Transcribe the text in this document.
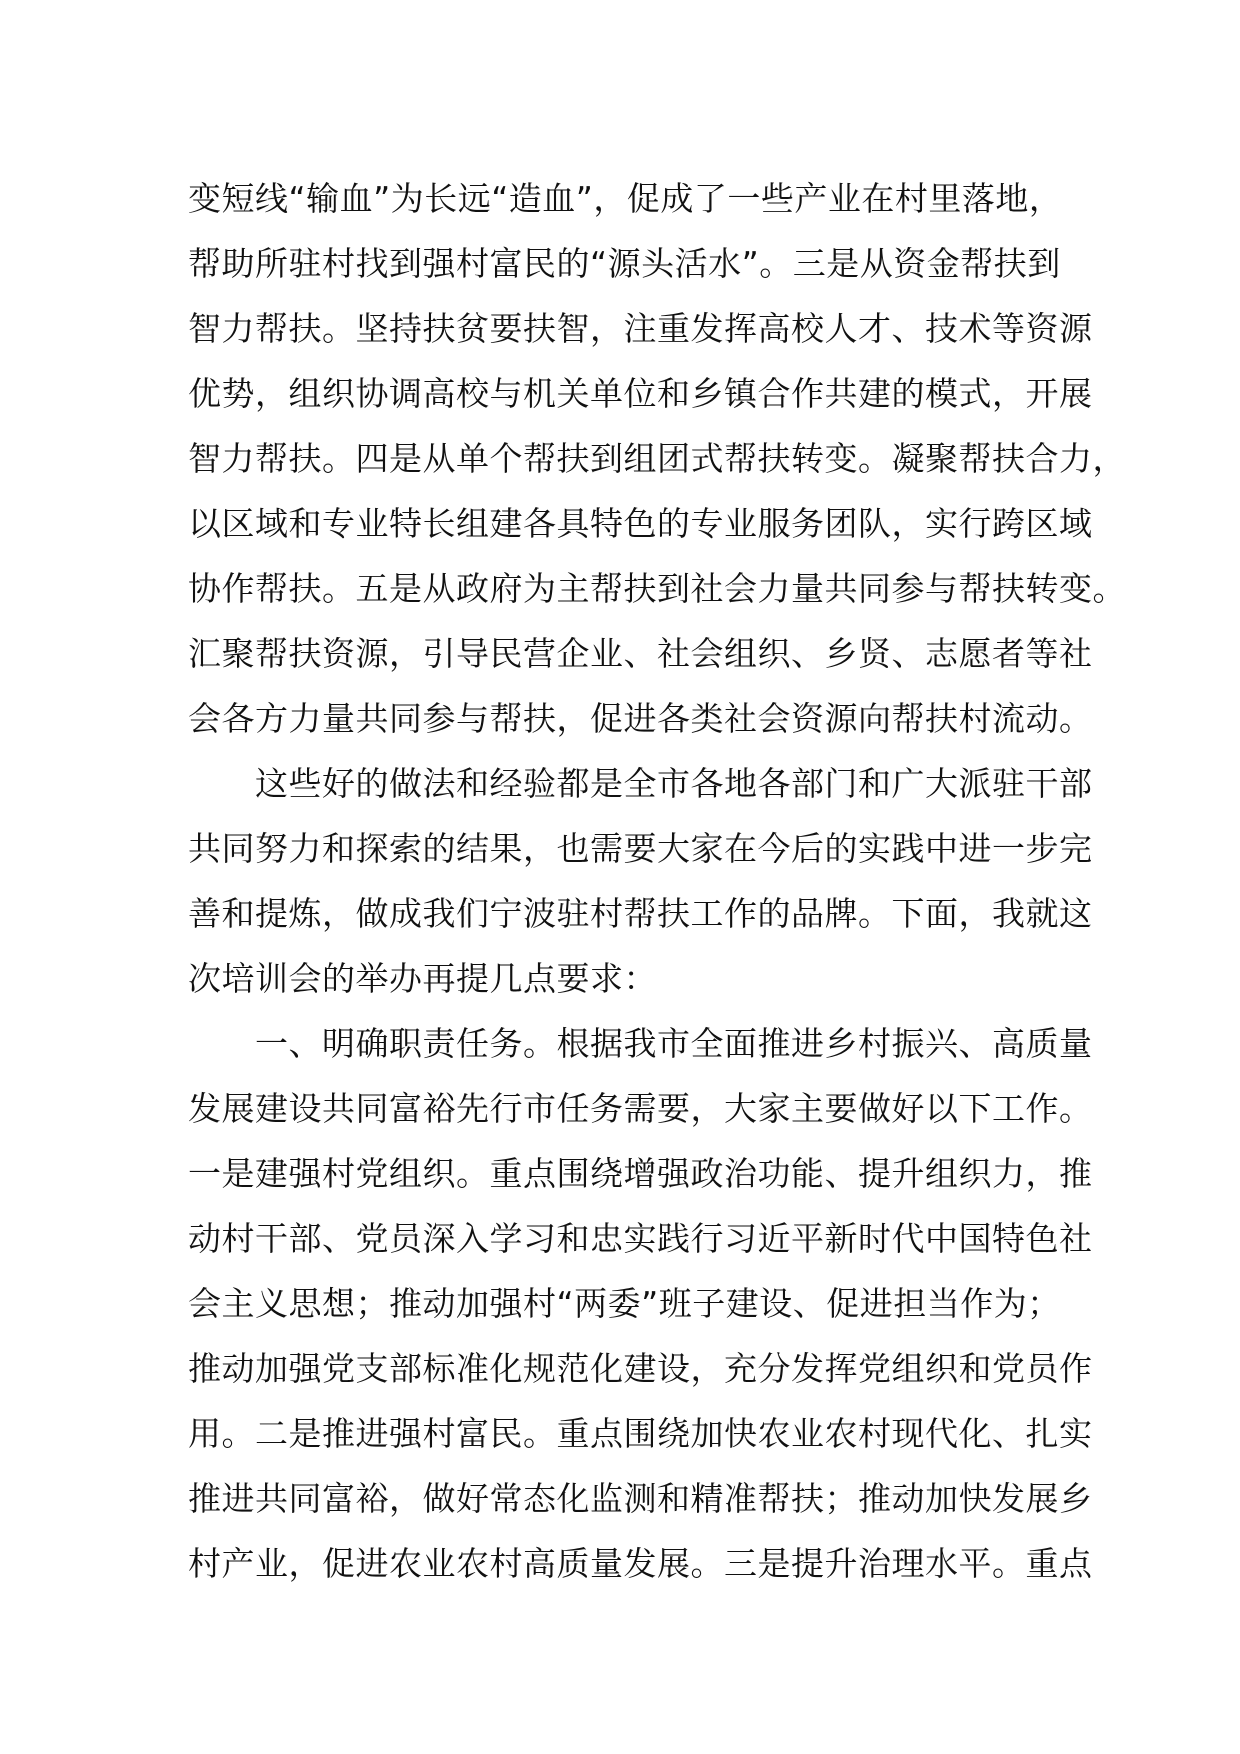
变短线“输血”为长远“造血”，促成了一些产业在村里落地，
帮助所驻村找到强村富民的“源头活水”。三是从资金帮扶到
智力帮扶。坚持扶贫要扶智，注重发挥高校人才、技术等资源
优势，组织协调高校与机关单位和乡镇合作共建的模式，开展
智力帮扶。四是从单个帮扶到组团式帮扶转变。凝聚帮扶合力，
以区域和专业特长组建各具特色的专业服务团队，实行跨区域
协作帮扶。五是从政府为主帮扶到社会力量共同参与帮扶转变。
汇聚帮扶资源，引导民营企业、社会组织、乡贤、志愿者等社
会各方力量共同参与帮扶，促进各类社会资源向帮扶村流动。
　　这些好的做法和经验都是全市各地各部门和广大派驻干部
共同努力和探索的结果，也需要大家在今后的实践中进一步完
善和提炼，做成我们宁波驻村帮扶工作的品牌。下面，我就这
次培训会的举办再提几点要求：
　　一、明确职责任务。根据我市全面推进乡村振兴、高质量
发展建设共同富裕先行市任务需要，大家主要做好以下工作。
一是建强村党组织。重点围绕增强政治功能、提升组织力，推
动村干部、党员深入学习和忠实践行习近平新时代中国特色社
会主义思想；推动加强村“两委”班子建设、促进担当作为；
推动加强党支部标准化规范化建设，充分发挥党组织和党员作
用。二是推进强村富民。重点围绕加快农业农村现代化、扎实
推进共同富裕，做好常态化监测和精准帮扶；推动加快发展乡
村产业，促进农业农村高质量发展。三是提升治理水平。重点
